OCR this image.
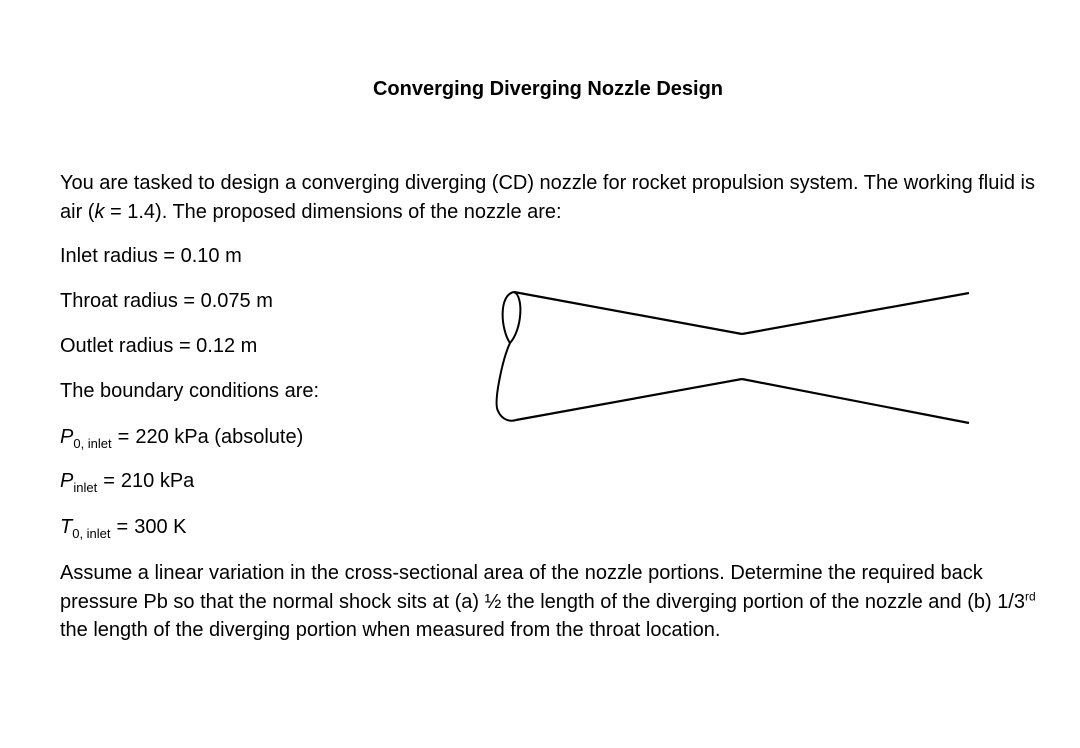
Converging Diverging Nozzle Design

You are tasked to design a converging diverging (CD) nozzle for rocket propulsion system. The working fluid is air (k = 1.4). The proposed dimensions of the nozzle are:

Inlet radius = 0.10 m

Throat radius = 0.075 m

Outlet radius = 0.12 m

The boundary conditions are:

$P_{0, inlet} = 220$ kPa (absolute)

$P_{inlet} = 210$ kPa

$T_{0, inlet} = 300$ K

Assume a linear variation in the cross-sectional area of the nozzle portions. Determine the required back pressure Pb so that the normal shock sits at (a) ½ the length of the diverging portion of the nozzle and (b) 1/3rd the length of the diverging portion when measured from the throat location.
